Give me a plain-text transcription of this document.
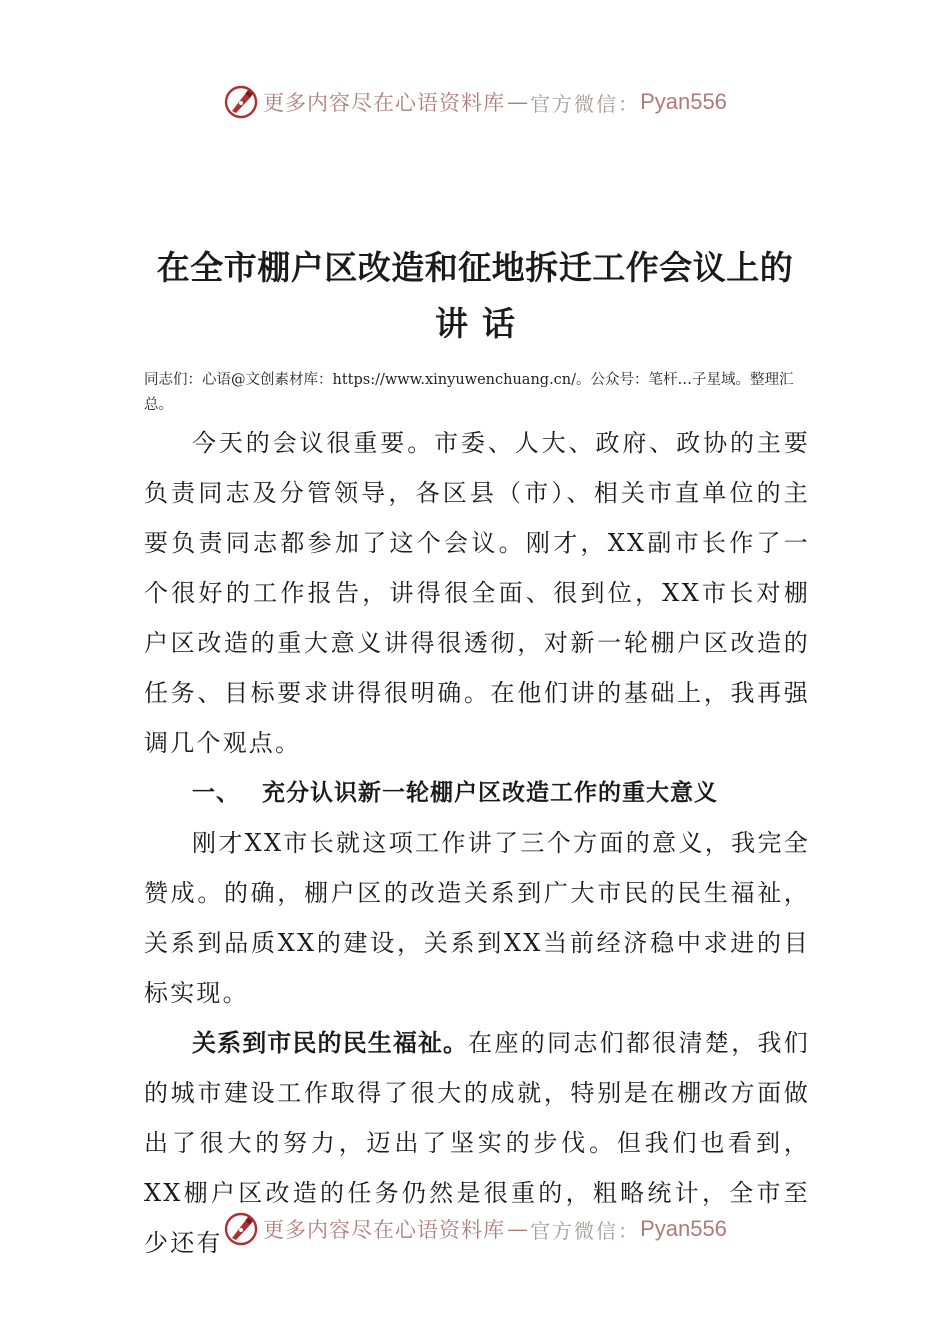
更多内容尽在心语资料库 — 官方微信： Pyan556
在全市棚户区改造和征地拆迁工作会议上的
讲话
同志们：心语@文创素材库：https://www.xinyuwenchuang.cn/。公众号：笔杆…子星域。整理汇总。

今天的会议很重要。市委、人大、政府、政协的主要负责同志及分管领导，各区县（市）、相关市直单位的主要负责同志都参加了这个会议。刚才，XX副市长作了一个很好的工作报告，讲得很全面、很到位，XX市长对棚户区改造的重大意义讲得很透彻，对新一轮棚户区改造的任务、目标要求讲得很明确。在他们讲的基础上，我再强调几个观点。

一、 充分认识新一轮棚户区改造工作的重大意义

刚才XX市长就这项工作讲了三个方面的意义，我完全赞成。的确，棚户区的改造关系到广大市民的民生福祉，关系到品质XX的建设，关系到XX当前经济稳中求进的目标实现。

关系到市民的民生福祉。在座的同志们都很清楚，我们的城市建设工作取得了很大的成就，特别是在棚改方面做出了很大的努力，迈出了坚实的步伐。但我们也看到，XX棚户区改造的任务仍然是很重的，粗略统计，全市至少还有	更多内容尽在心语资料库 — 官方微信： Pyan556
